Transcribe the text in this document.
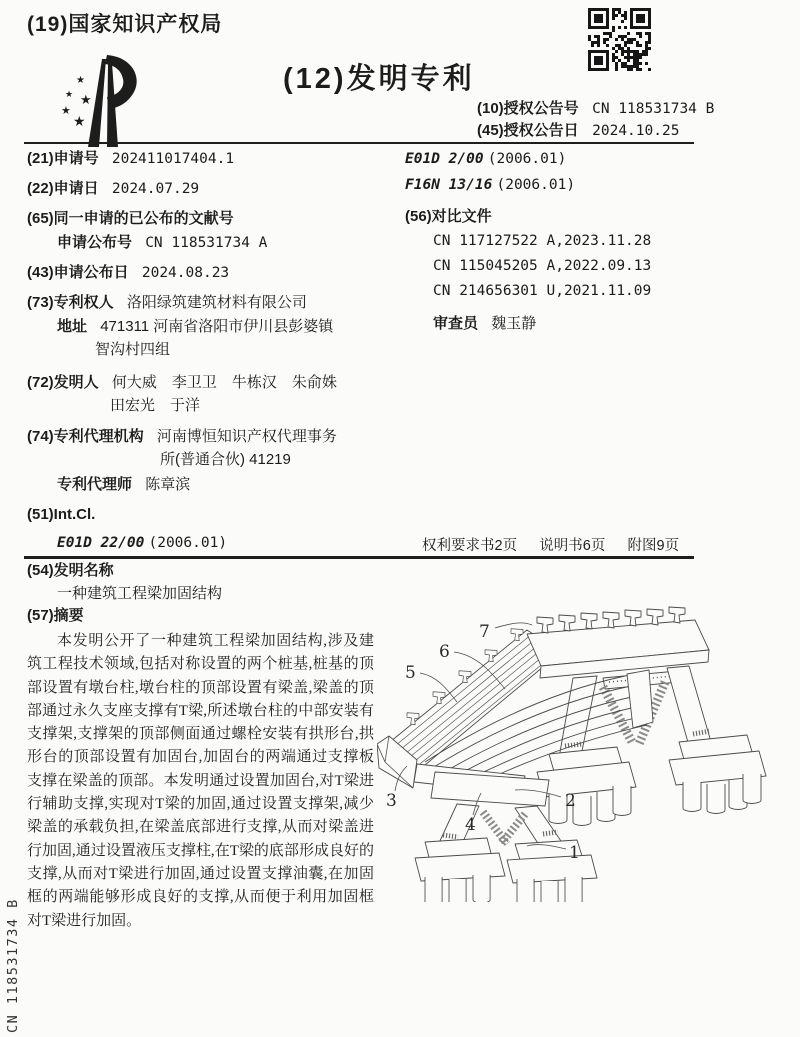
(19)国家知识产权局
★
★ ★
★
★
(12)发明专利
(10)授权公告号 CN 118531734 B
(45)授权公告日 2024.10.25
(21)申请号 202411017404.1
(22)申请日 2024.07.29
(65)同一申请的已公布的文献号
申请公布号 CN 118531734 A
(43)申请公布日 2024.08.23
(73)专利权人 洛阳绿筑建筑材料有限公司
地址 471311 河南省洛阳市伊川县彭婆镇
智沟村四组
(72)发明人 何大威　李卫卫　牛栋汉　朱俞姝
田宏光　于洋
(74)专利代理机构 河南博恒知识产权代理事务
所(普通合伙) 41219
专利代理师 陈章滨
(51)Int.Cl.
E01D 22/00 (2006.01)
E01D 2/00 (2006.01)
F16N 13/16 (2006.01)
(56)对比文件
CN 117127522 A,2023.11.28
CN 115045205 A,2022.09.13
CN 214656301 U,2021.11.09
审查员 魏玉静
权利要求书2页 说明书6页 附图9页
(54)发明名称
一种建筑工程梁加固结构
(57)摘要
本发明公开了一种建筑工程梁加固结构,涉及建筑工程技术领域,包括对称设置的两个桩基,桩基的顶部设置有墩台柱,墩台柱的顶部设置有梁盖,梁盖的顶部通过永久支座支撑有T梁,所述墩台柱的中部安装有支撑架,支撑架的顶部侧面通过螺栓安装有拱形台,拱形台的顶部设置有加固台,加固台的两端通过支撑板支撑在梁盖的顶部。本发明通过设置加固台,对T梁进行辅助支撑,实现对T梁的加固,通过设置支撑架,减少梁盖的承载负担,在梁盖底部进行支撑,从而对梁盖进行加固,通过设置液压支撑柱,在T梁的底部形成良好的支撑,从而对T梁进行加固,通过设置支撑油囊,在加固框的两端能够形成良好的支撑,从而便于利用加固框对T梁进行加固。
1
2
3
4
5
6
7
CN 118531734 B
